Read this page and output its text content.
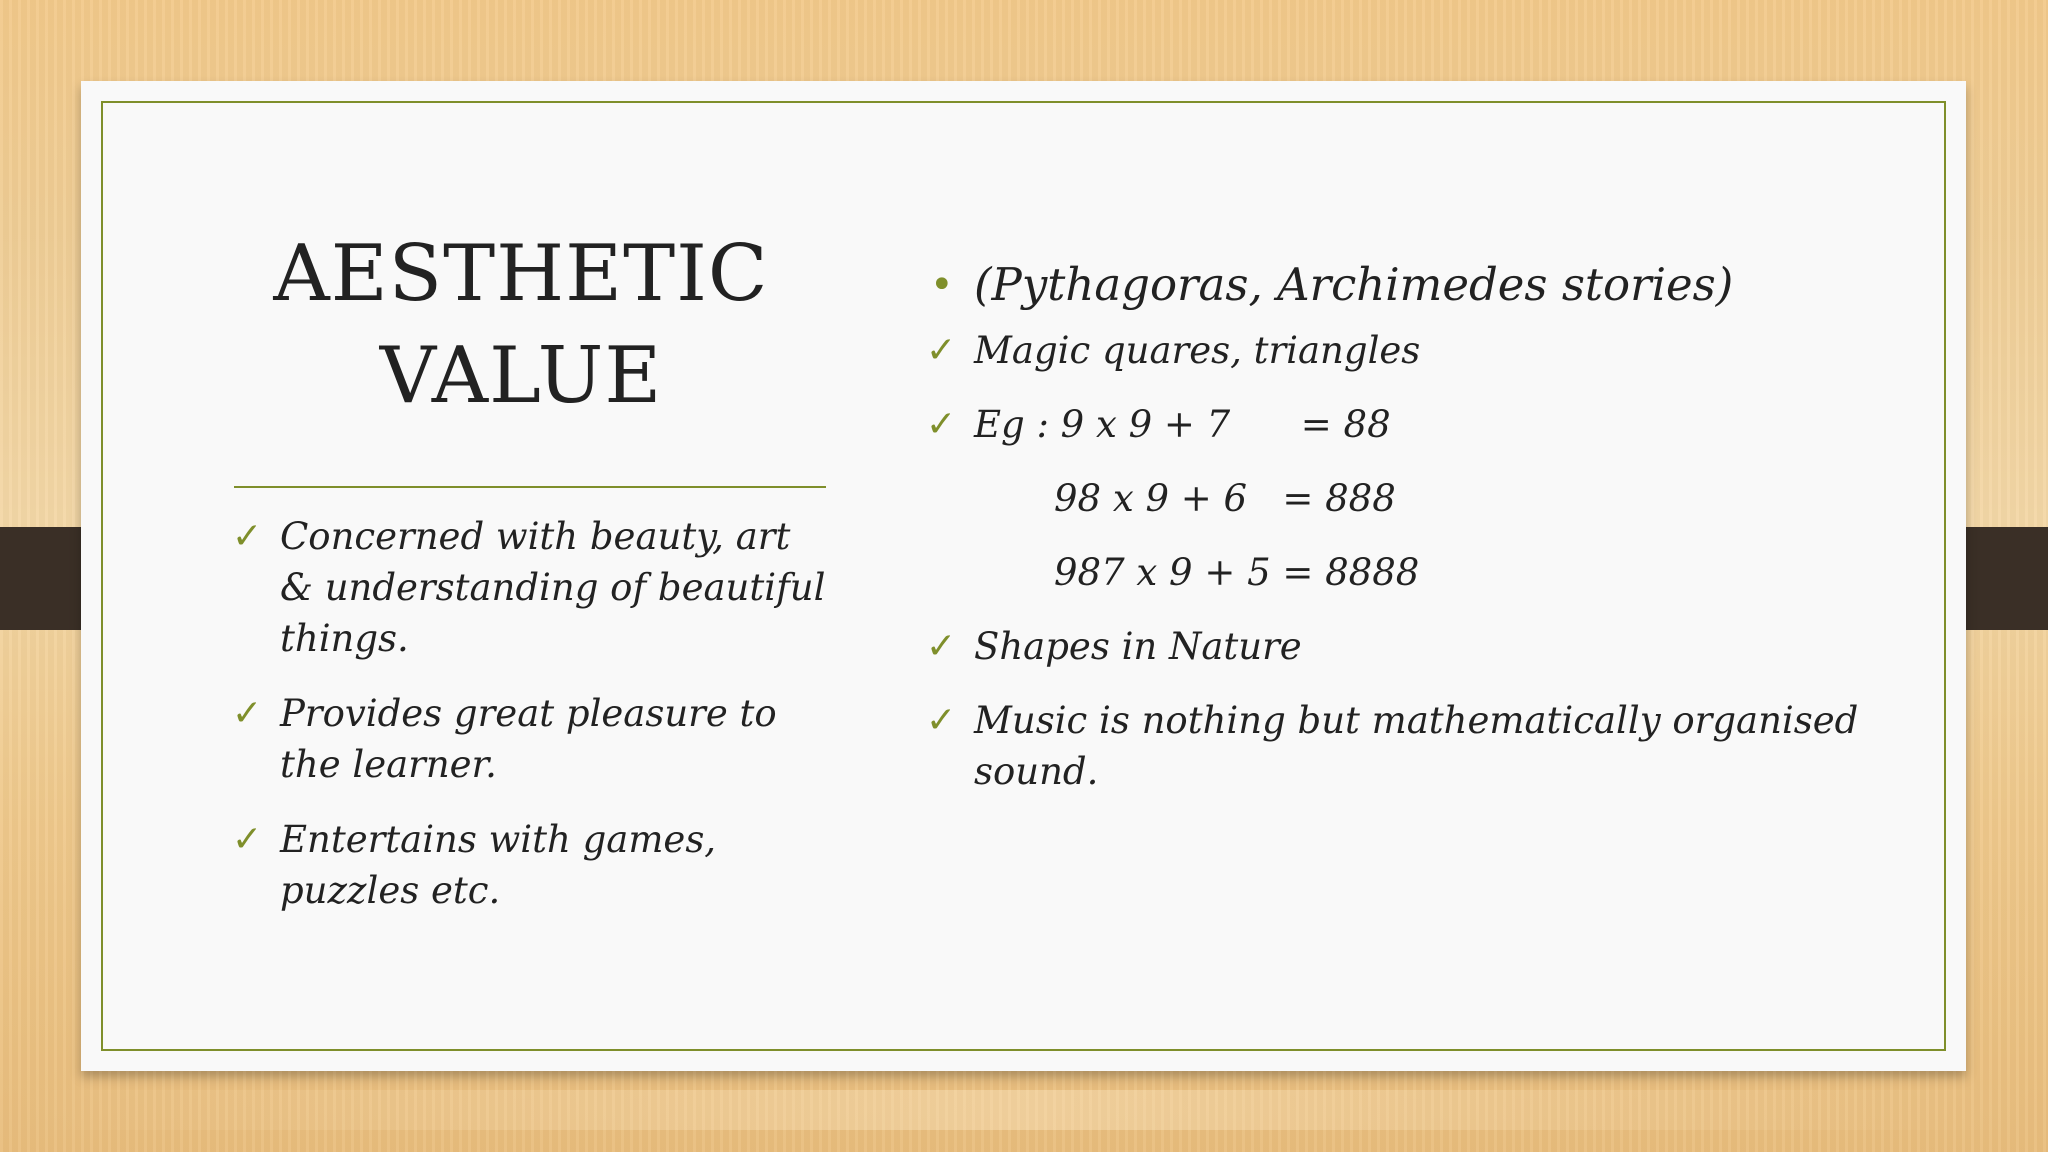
AESTHETIC
VALUE
✓ Concerned with beauty, art & understanding of beautiful things.
✓ Provides great pleasure to the learner.
✓ Entertains with games, puzzles etc.
• (Pythagoras, Archimedes stories)
✓ Magic quares, triangles
✓ Eg : 9 x 9 + 7      = 88
98 x 9 + 6   = 888
987 x 9 + 5 = 8888
✓ Shapes in Nature
✓ Music is nothing but mathematically organised sound.
